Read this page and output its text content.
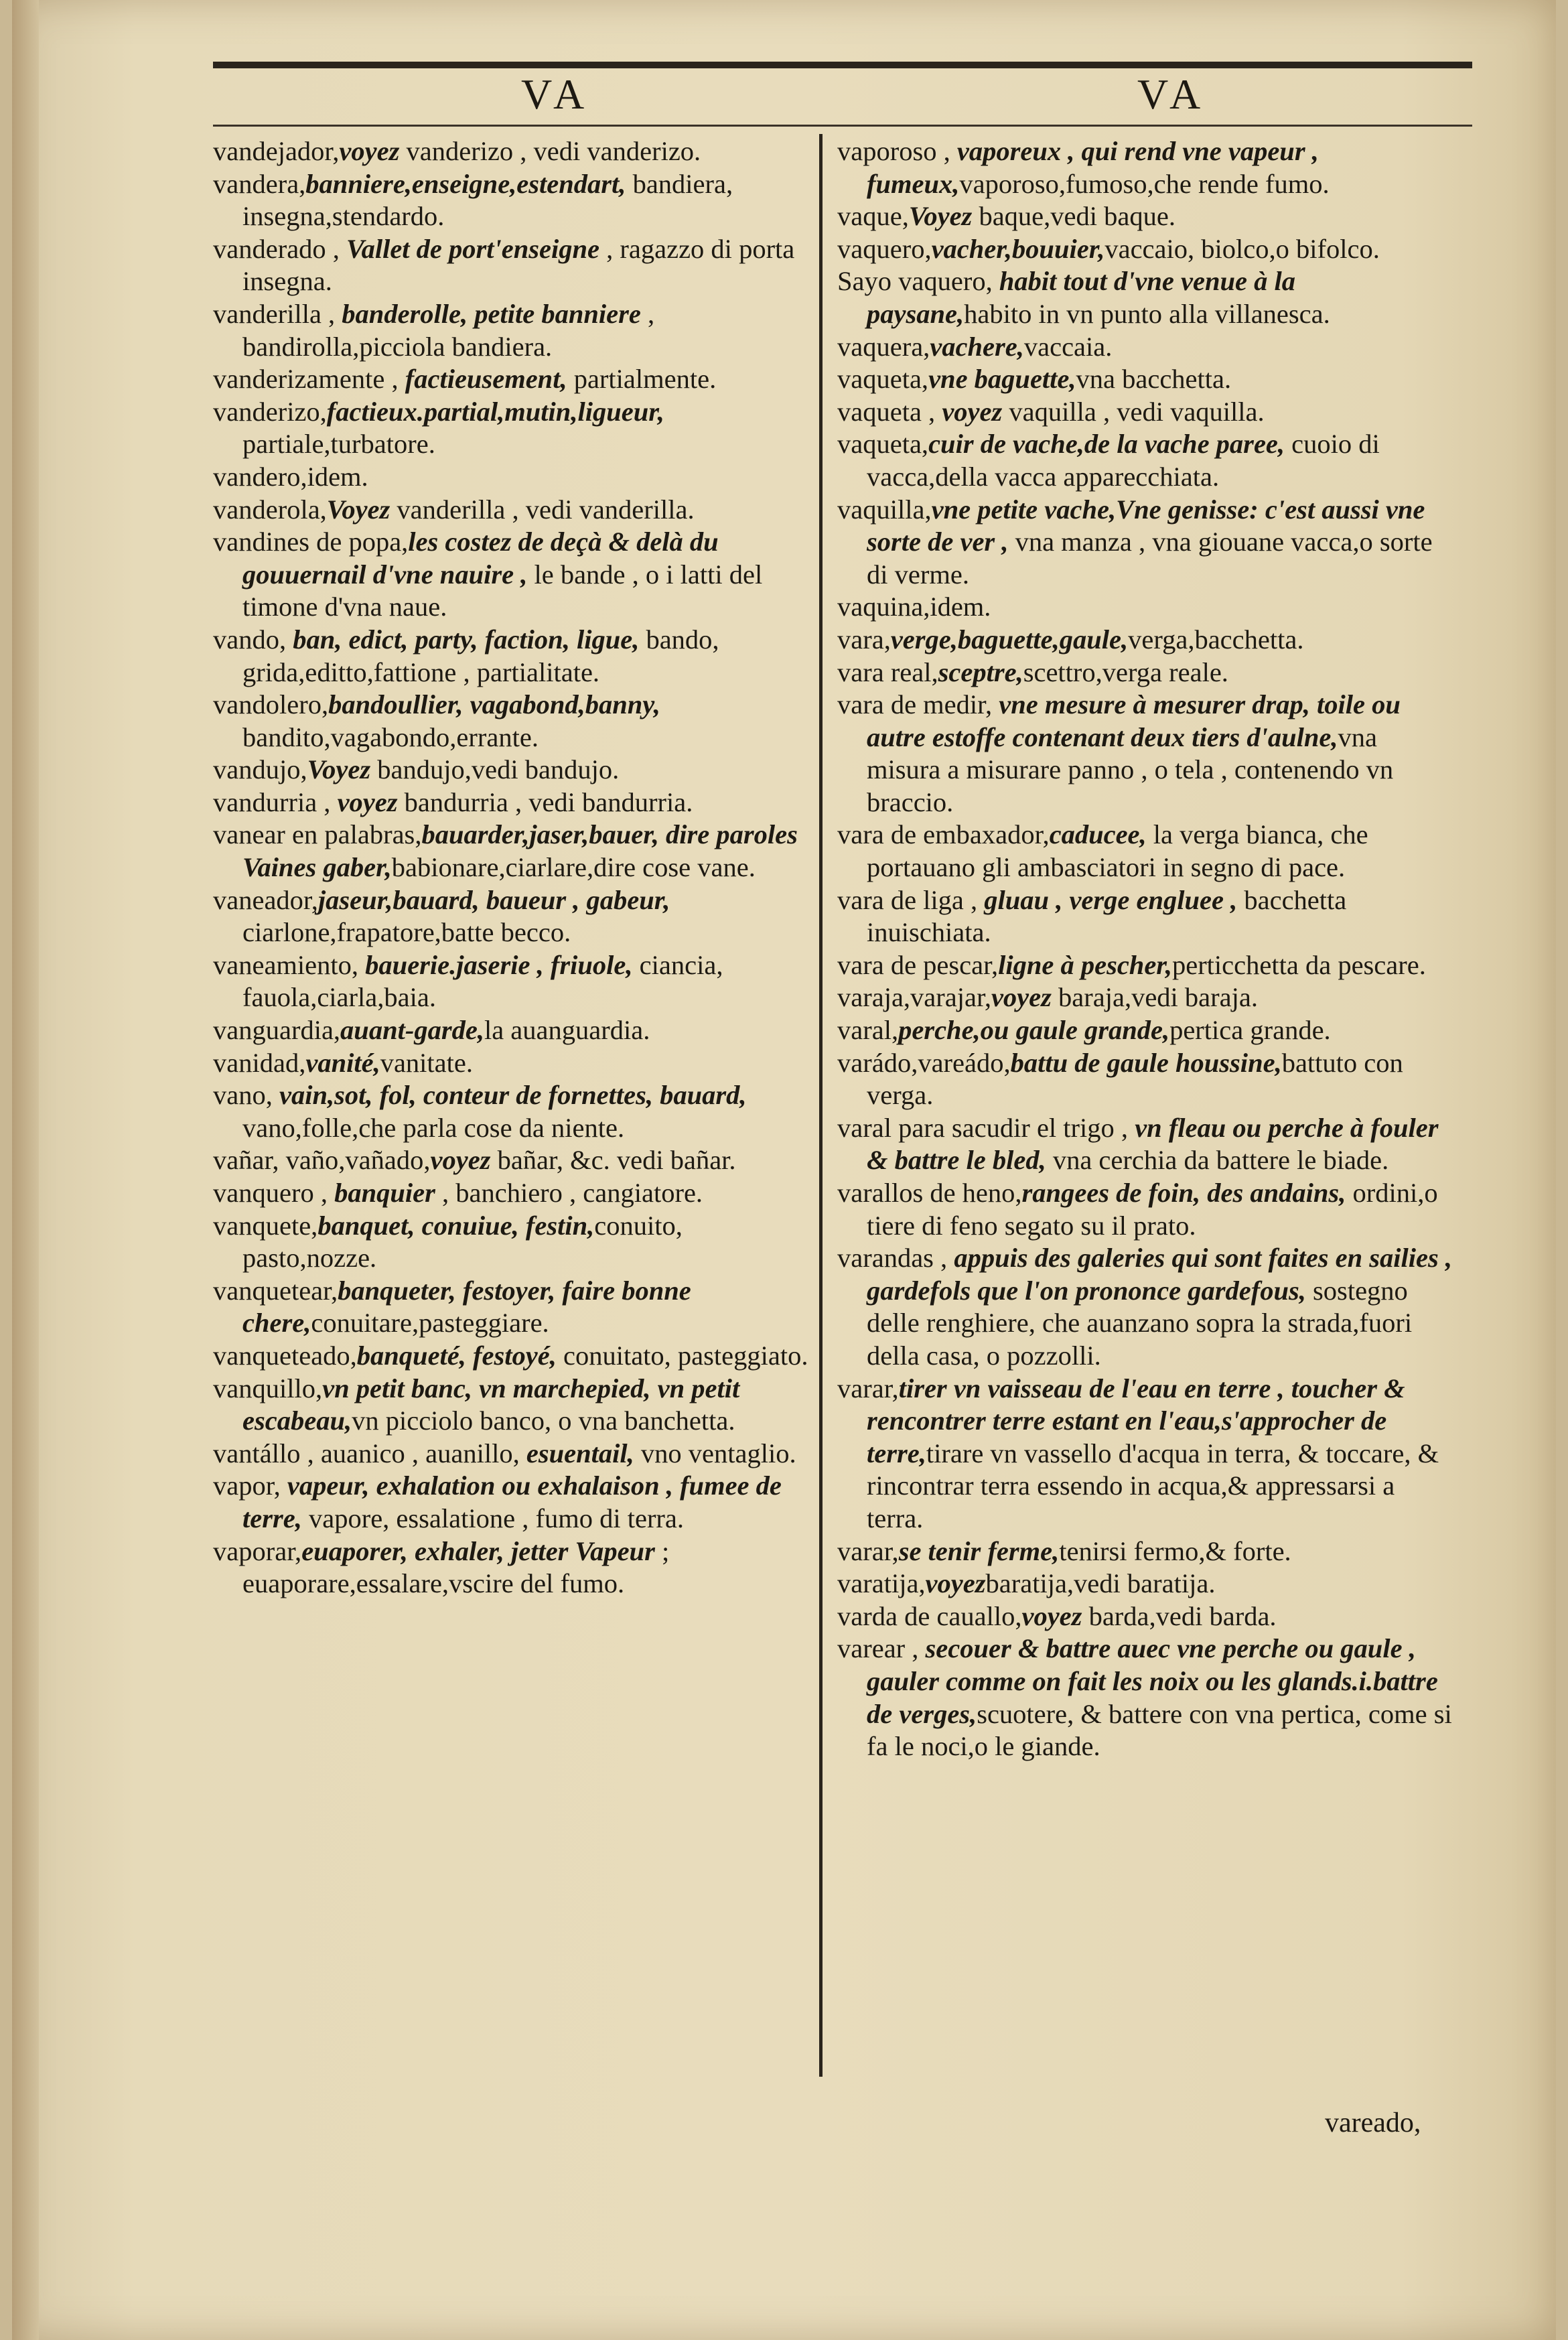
VA	VA

vandejador,voyez vanderizo , vedi vanderizo.

vandera,banniere,enseigne,estendart, bandiera, insegna,stendardo.

vanderado , Vallet de port'enseigne , ragazzo di porta insegna.

vanderilla , banderolle, petite banniere , bandirolla,picciola bandiera.

vanderizamente , factieusement, partialmente.

vanderizo,factieux.partial,mutin,ligueur, partiale,turbatore.

vandero,idem.

vanderola,Voyez vanderilla , vedi vanderilla.

vandines de popa,les costez de deçà & delà du gouuernail d'vne nauire , le bande , o i latti del timone d'vna naue.

vando, ban, edict, party, faction, ligue, bando, grida,editto,fattione , partialitate.

vandolero,bandoullier, vagabond,banny, bandito,vagabondo,errante.

vandujo,Voyez bandujo,vedi bandujo.

vandurria , voyez bandurria , vedi bandurria.

vanear en palabras,bauarder,jaser,bauer, dire paroles Vaines gaber,babionare,ciarlare,dire cose vane.

vaneador,jaseur,bauard, baueur , gabeur, ciarlone,frapatore,batte becco.

vaneamiento, bauerie.jaserie , friuole, ciancia, fauola,ciarla,baia.

vanguardia,auant-garde,la auanguardia.

vanidad,vanité,vanitate.

vano, vain,sot, fol, conteur de fornettes, bauard, vano,folle,che parla cose da niente.

vañar, vaño,vañado,voyez bañar, &c. vedi bañar.

vanquero , banquier , banchiero , cangiatore.

vanquete,banquet, conuiue, festin,conuito, pasto,nozze.

vanquetear,banqueter, festoyer, faire bonne chere,conuitare,pasteggiare.

vanqueteado,banqueté, festoyé, conuitato, pasteggiato.

vanquillo,vn petit banc, vn marchepied, vn petit escabeau,vn picciolo banco, o vna banchetta.

vantállo , auanico , auanillo, esuentail, vno ventaglio.

vapor, vapeur, exhalation ou exhalaison , fumee de terre, vapore, essalatione , fumo di terra.

vaporar,euaporer, exhaler, jetter Vapeur ; euaporare,essalare,vscire del fumo.

vaporoso , vaporeux , qui rend vne vapeur , fumeux,vaporoso,fumoso,che rende fumo.

vaque,Voyez baque,vedi baque.

vaquero,vacher,bouuier,vaccaio, biolco,o bifolco.

Sayo vaquero, habit tout d'vne venue à la paysane,habito in vn punto alla villanesca.

vaquera,vachere,vaccaia.

vaqueta,vne baguette,vna bacchetta.

vaqueta , voyez vaquilla , vedi vaquilla.

vaqueta,cuir de vache,de la vache paree, cuoio di vacca,della vacca apparecchiata.

vaquilla,vne petite vache,Vne genisse: c'est aussi vne sorte de ver , vna manza , vna giouane vacca,o sorte di verme.

vaquina,idem.

vara,verge,baguette,gaule,verga,bacchetta.

vara real,sceptre,scettro,verga reale.

vara de medir, vne mesure à mesurer drap, toile ou autre estoffe contenant deux tiers d'aulne,vna misura a misurare panno , o tela , contenendo vn braccio.

vara de embaxador,caducee, la verga bianca, che portauano gli ambasciatori in segno di pace.

vara de liga , gluau , verge engluee , bacchetta inuischiata.

vara de pescar,ligne à pescher,perticchetta da pescare.

varaja,varajar,voyez baraja,vedi baraja.

varal,perche,ou gaule grande,pertica grande.

varádo,vareádo,battu de gaule houssine,battuto con verga.

varal para sacudir el trigo , vn fleau ou perche à fouler & battre le bled, vna cerchia da battere le biade.

varallos de heno,rangees de foin, des andains, ordini,o tiere di feno segato su il prato.

varandas , appuis des galeries qui sont faites en sailies , gardefols que l'on prononce gardefous, sostegno delle renghiere, che auanzano sopra la strada,fuori della casa, o pozzolli.

varar,tirer vn vaisseau de l'eau en terre , toucher & rencontrer terre estant en l'eau,s'approcher de terre,tirare vn vassello d'acqua in terra, & toccare, & rincontrar terra essendo in acqua,& appressarsi a terra.

varar,se tenir ferme,tenirsi fermo,& forte.

varatija,voyezbaratija,vedi baratija.

varda de cauallo,voyez barda,vedi barda.

varear , secouer & battre auec vne perche ou gaule , gauler comme on fait les noix ou les glands.i.battre de verges,scuotere, & battere con vna pertica, come si fa le noci,o le giande.

vareado,
